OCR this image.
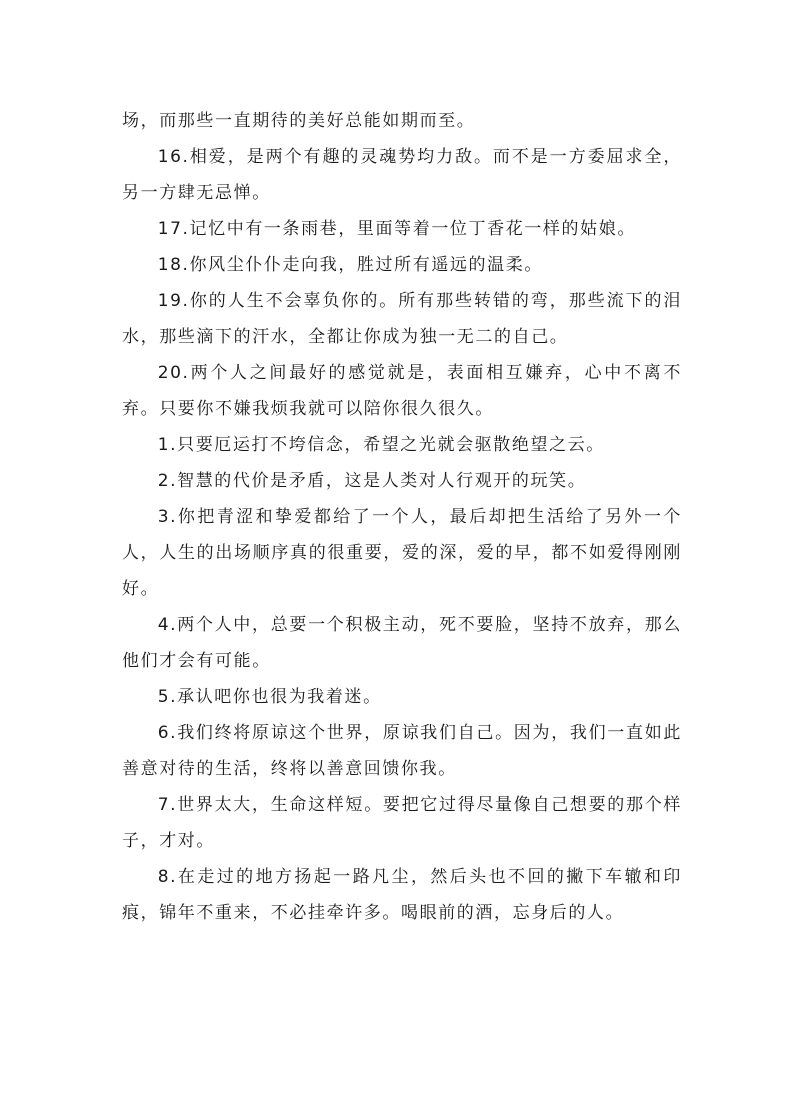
场，而那些一直期待的美好总能如期而至。

16.相爱，是两个有趣的灵魂势均力敌。而不是一方委屈求全，另一方肆无忌惮。

17.记忆中有一条雨巷，里面等着一位丁香花一样的姑娘。

18.你风尘仆仆走向我，胜过所有遥远的温柔。

19.你的人生不会辜负你的。所有那些转错的弯，那些流下的泪水，那些滴下的汗水，全都让你成为独一无二的自己。

20.两个人之间最好的感觉就是，表面相互嫌弃，心中不离不弃。只要你不嫌我烦我就可以陪你很久很久。

1.只要厄运打不垮信念，希望之光就会驱散绝望之云。

2.智慧的代价是矛盾，这是人类对人行观开的玩笑。

3.你把青涩和挚爱都给了一个人，最后却把生活给了另外一个人，人生的出场顺序真的很重要，爱的深，爱的早，都不如爱得刚刚好。

4.两个人中，总要一个积极主动，死不要脸，坚持不放弃，那么他们才会有可能。

5.承认吧你也很为我着迷。

6.我们终将原谅这个世界，原谅我们自己。因为，我们一直如此善意对待的生活，终将以善意回馈你我。

7.世界太大，生命这样短。要把它过得尽量像自己想要的那个样子，才对。

8.在走过的地方扬起一路凡尘，然后头也不回的撇下车辙和印痕，锦年不重来，不必挂牵许多。喝眼前的酒，忘身后的人。
